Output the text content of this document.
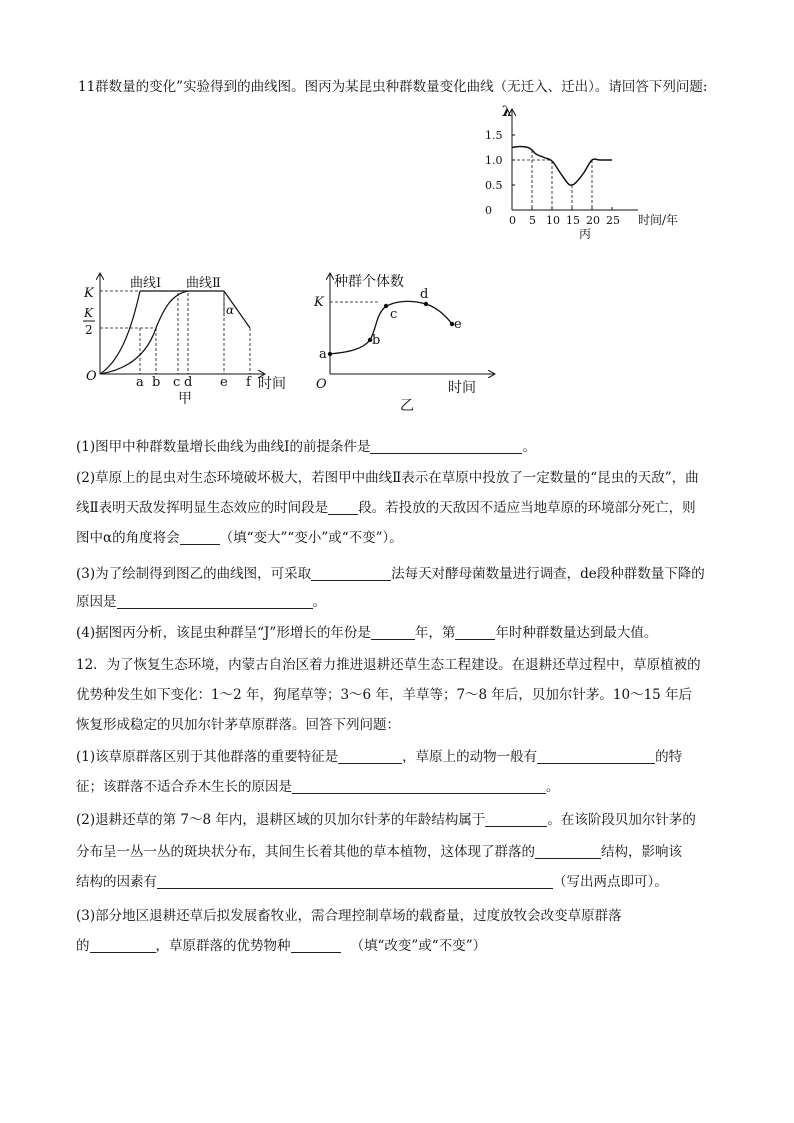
11群数量的变化”实验得到的曲线图。图丙为某昆虫种群数量变化曲线（无迁入、迁出）。请回答下列问题:
λ
1.5
1.0
0.5
0
0 5 10 15 20 25 时间/年
丙
K
K
2
O
曲线Ⅰ 曲线Ⅱ
α
a b c d e f 时间
甲
种群个体数
K
O
a
b
c
d
e
时间
乙
(1)图甲中种群数量增长曲线为曲线Ⅰ的前提条件是	。
(2)草原上的昆虫对生态环境破坏极大，若图甲中曲线Ⅱ表示在草原中投放了一定数量的“昆虫的天敌”，曲
线Ⅱ表明天敌发挥明显生态效应的时间段是 段。若投放的天敌因不适应当地草原的环境部分死亡，则
图中α的角度将会	（填“变大”“变小”或“不变”）。
(3)为了绘制得到图乙的曲线图，可采取	法每天对酵母菌数量进行调查，de段种群数量下降的
原因是	。
(4)据图丙分析，该昆虫种群呈“J”形增长的年份是	年，第	年时种群数量达到最大值。
12．为了恢复生态环境，内蒙古自治区着力推进退耕还草生态工程建设。在退耕还草过程中，草原植被的
优势种发生如下变化：1～2 年，狗尾草等；3～6 年，羊草等；7～8 年后，贝加尔针茅。10～15 年后
恢复形成稳定的贝加尔针茅草原群落。回答下列问题：
(1)该草原群落区别于其他群落的重要特征是	，草原上的动物一般有	的特
征；该群落不适合乔木生长的原因是	。
(2)退耕还草的第 7～8 年内，退耕区域的贝加尔针茅的年龄结构属于	。在该阶段贝加尔针茅的
分布呈一丛一丛的斑块状分布，其间生长着其他的草本植物，这体现了群落的	结构，影响该
结构的因素有	（写出两点即可）。
(3)部分地区退耕还草后拟发展畜牧业，需合理控制草场的载畜量，过度放牧会改变草原群落
的	，草原群落的优势物种	（填“改变”或“不变”）
